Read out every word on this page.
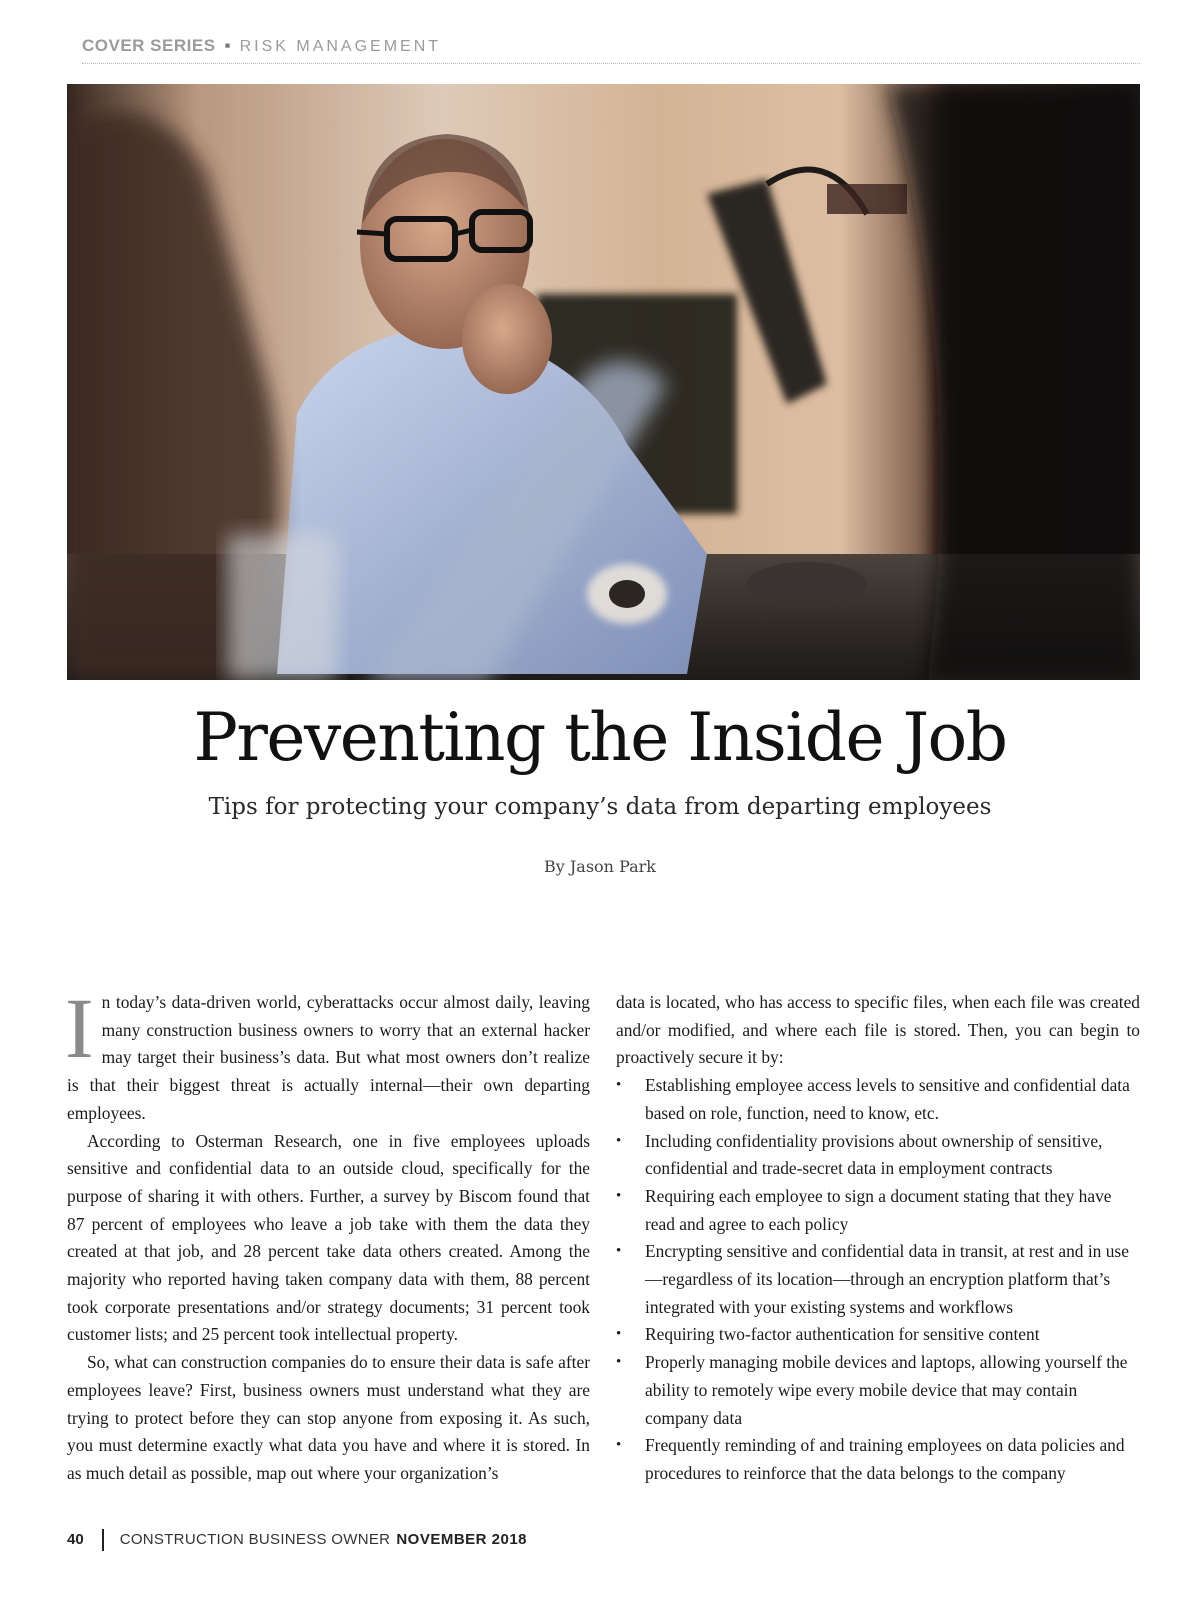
COVER SERIES ▪ RISK MANAGEMENT
Preventing the Inside Job
Tips for protecting your company’s data from departing employees
By Jason Park

In today’s data-driven world, cyberattacks occur almost daily, leaving many construction business owners to worry that an external hacker may target their business’s data. But what most owners don’t realize is that their biggest threat is actually internal—their own departing employees.

According to Osterman Research, one in five employees uploads sensitive and confidential data to an outside cloud, specifically for the purpose of sharing it with others. Further, a survey by Biscom found that 87 percent of employees who leave a job take with them the data they created at that job, and 28 percent take data others created. Among the majority who reported having taken company data with them, 88 percent took corporate presentations and/or strategy documents; 31 percent took customer lists; and 25 percent took intellectual property.

So, what can construction companies do to ensure their data is safe after employees leave? First, business owners must understand what they are trying to protect before they can stop anyone from exposing it. As such, you must determine exactly what data you have and where it is stored. In as much detail as possible, map out where your organization’s

data is located, who has access to specific files, when each file was created and/or modified, and where each file is stored. Then, you can begin to proactively secure it by:

•	Establishing employee access levels to sensitive and confidential data based on role, function, need to know, etc.
•	Including confidentiality provisions about ownership of sensitive, confidential and trade-secret data in employment contracts
•	Requiring each employee to sign a document stating that they have read and agree to each policy
•	Encrypting sensitive and confidential data in transit, at rest and in use—regardless of its location—through an encryption platform that’s integrated with your existing systems and workflows
•	Requiring two-factor authentication for sensitive content
•	Properly managing mobile devices and laptops, allowing yourself the ability to remotely wipe every mobile device that may contain company data
•	Frequently reminding of and training employees on data policies and procedures to reinforce that the data belongs to the company
40 CONSTRUCTION BUSINESS OWNER NOVEMBER 2018
